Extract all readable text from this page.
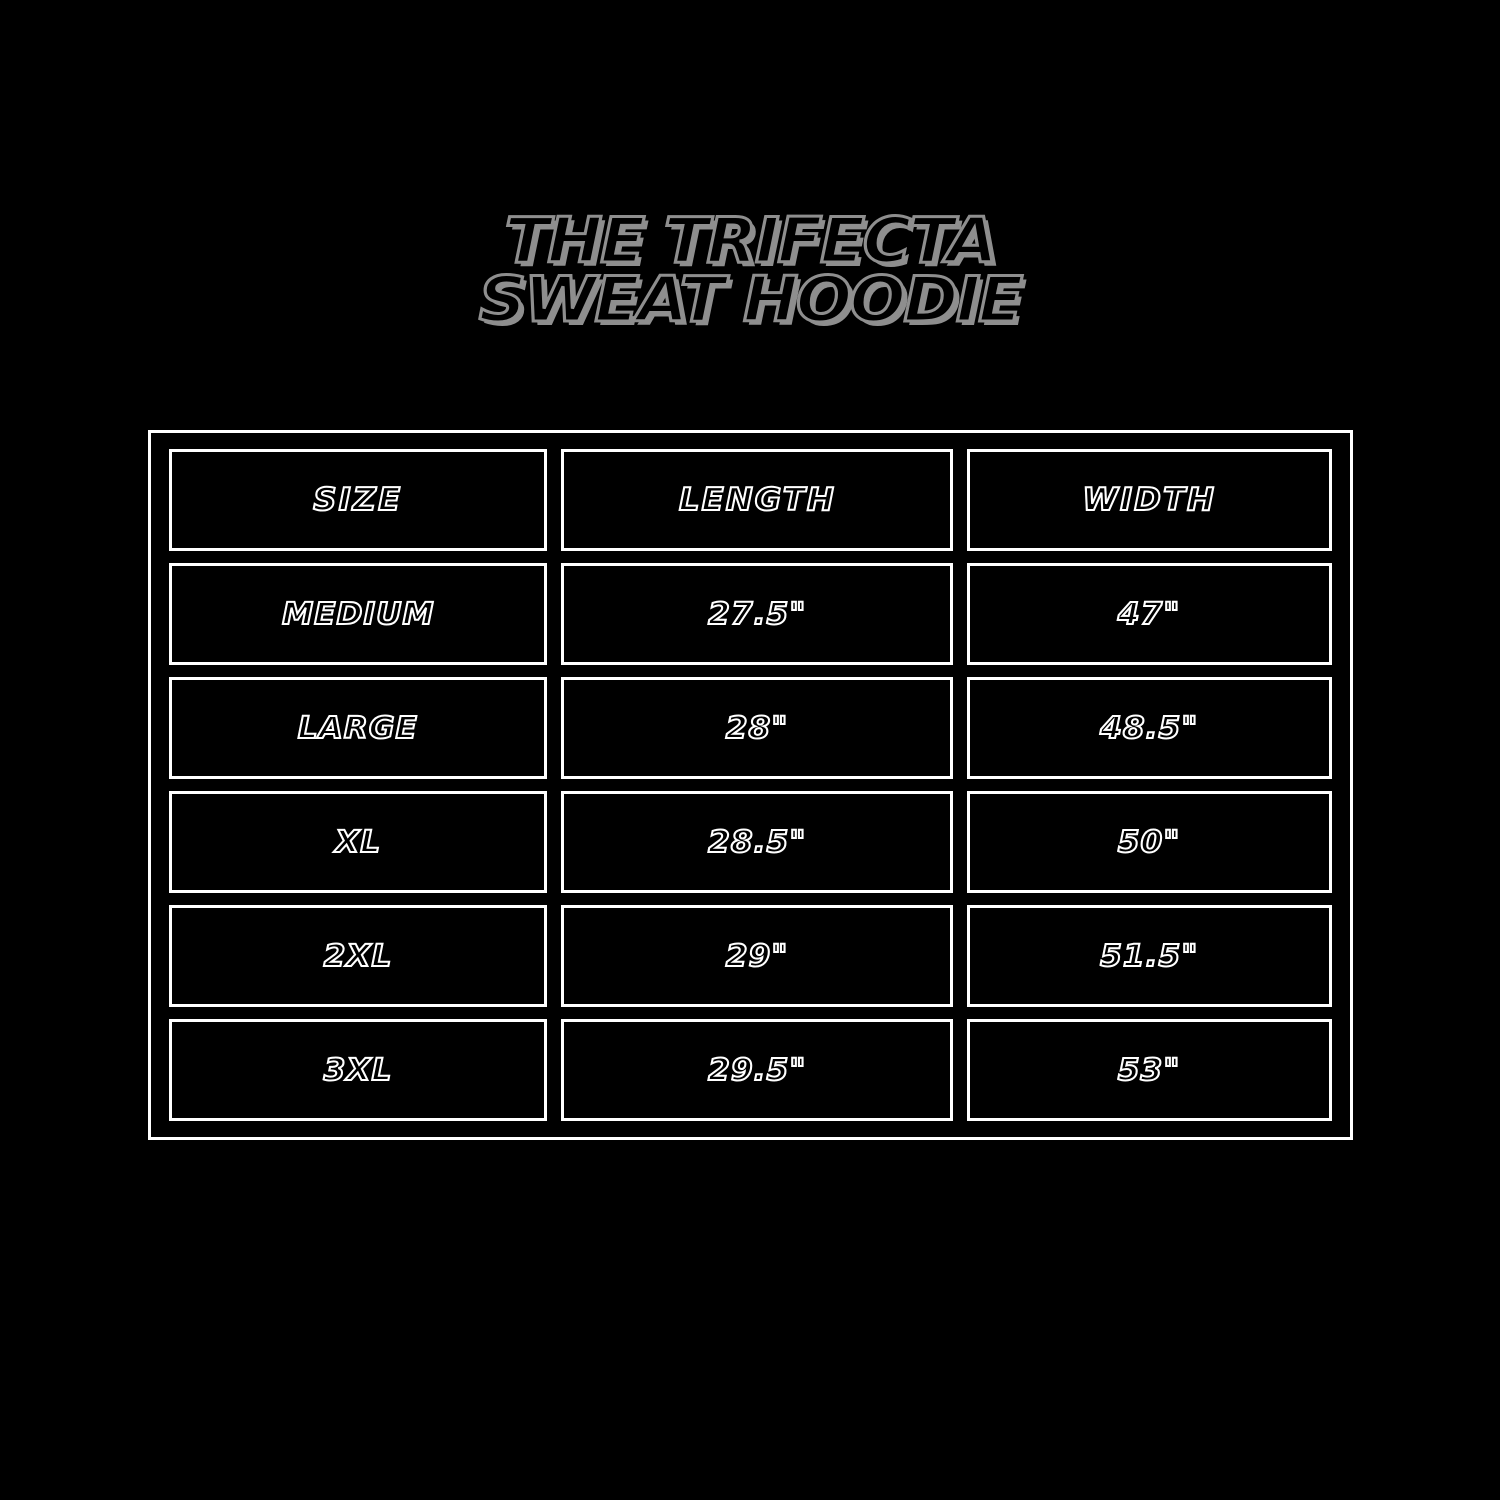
THE TRIFECTA
SWEAT HOODIE
SIZE	LENGTH	WIDTH
MEDIUM	27.5"	47"
LARGE	28"	48.5"
XL	28.5"	50"
2XL	29"	51.5"
3XL	29.5"	53"
